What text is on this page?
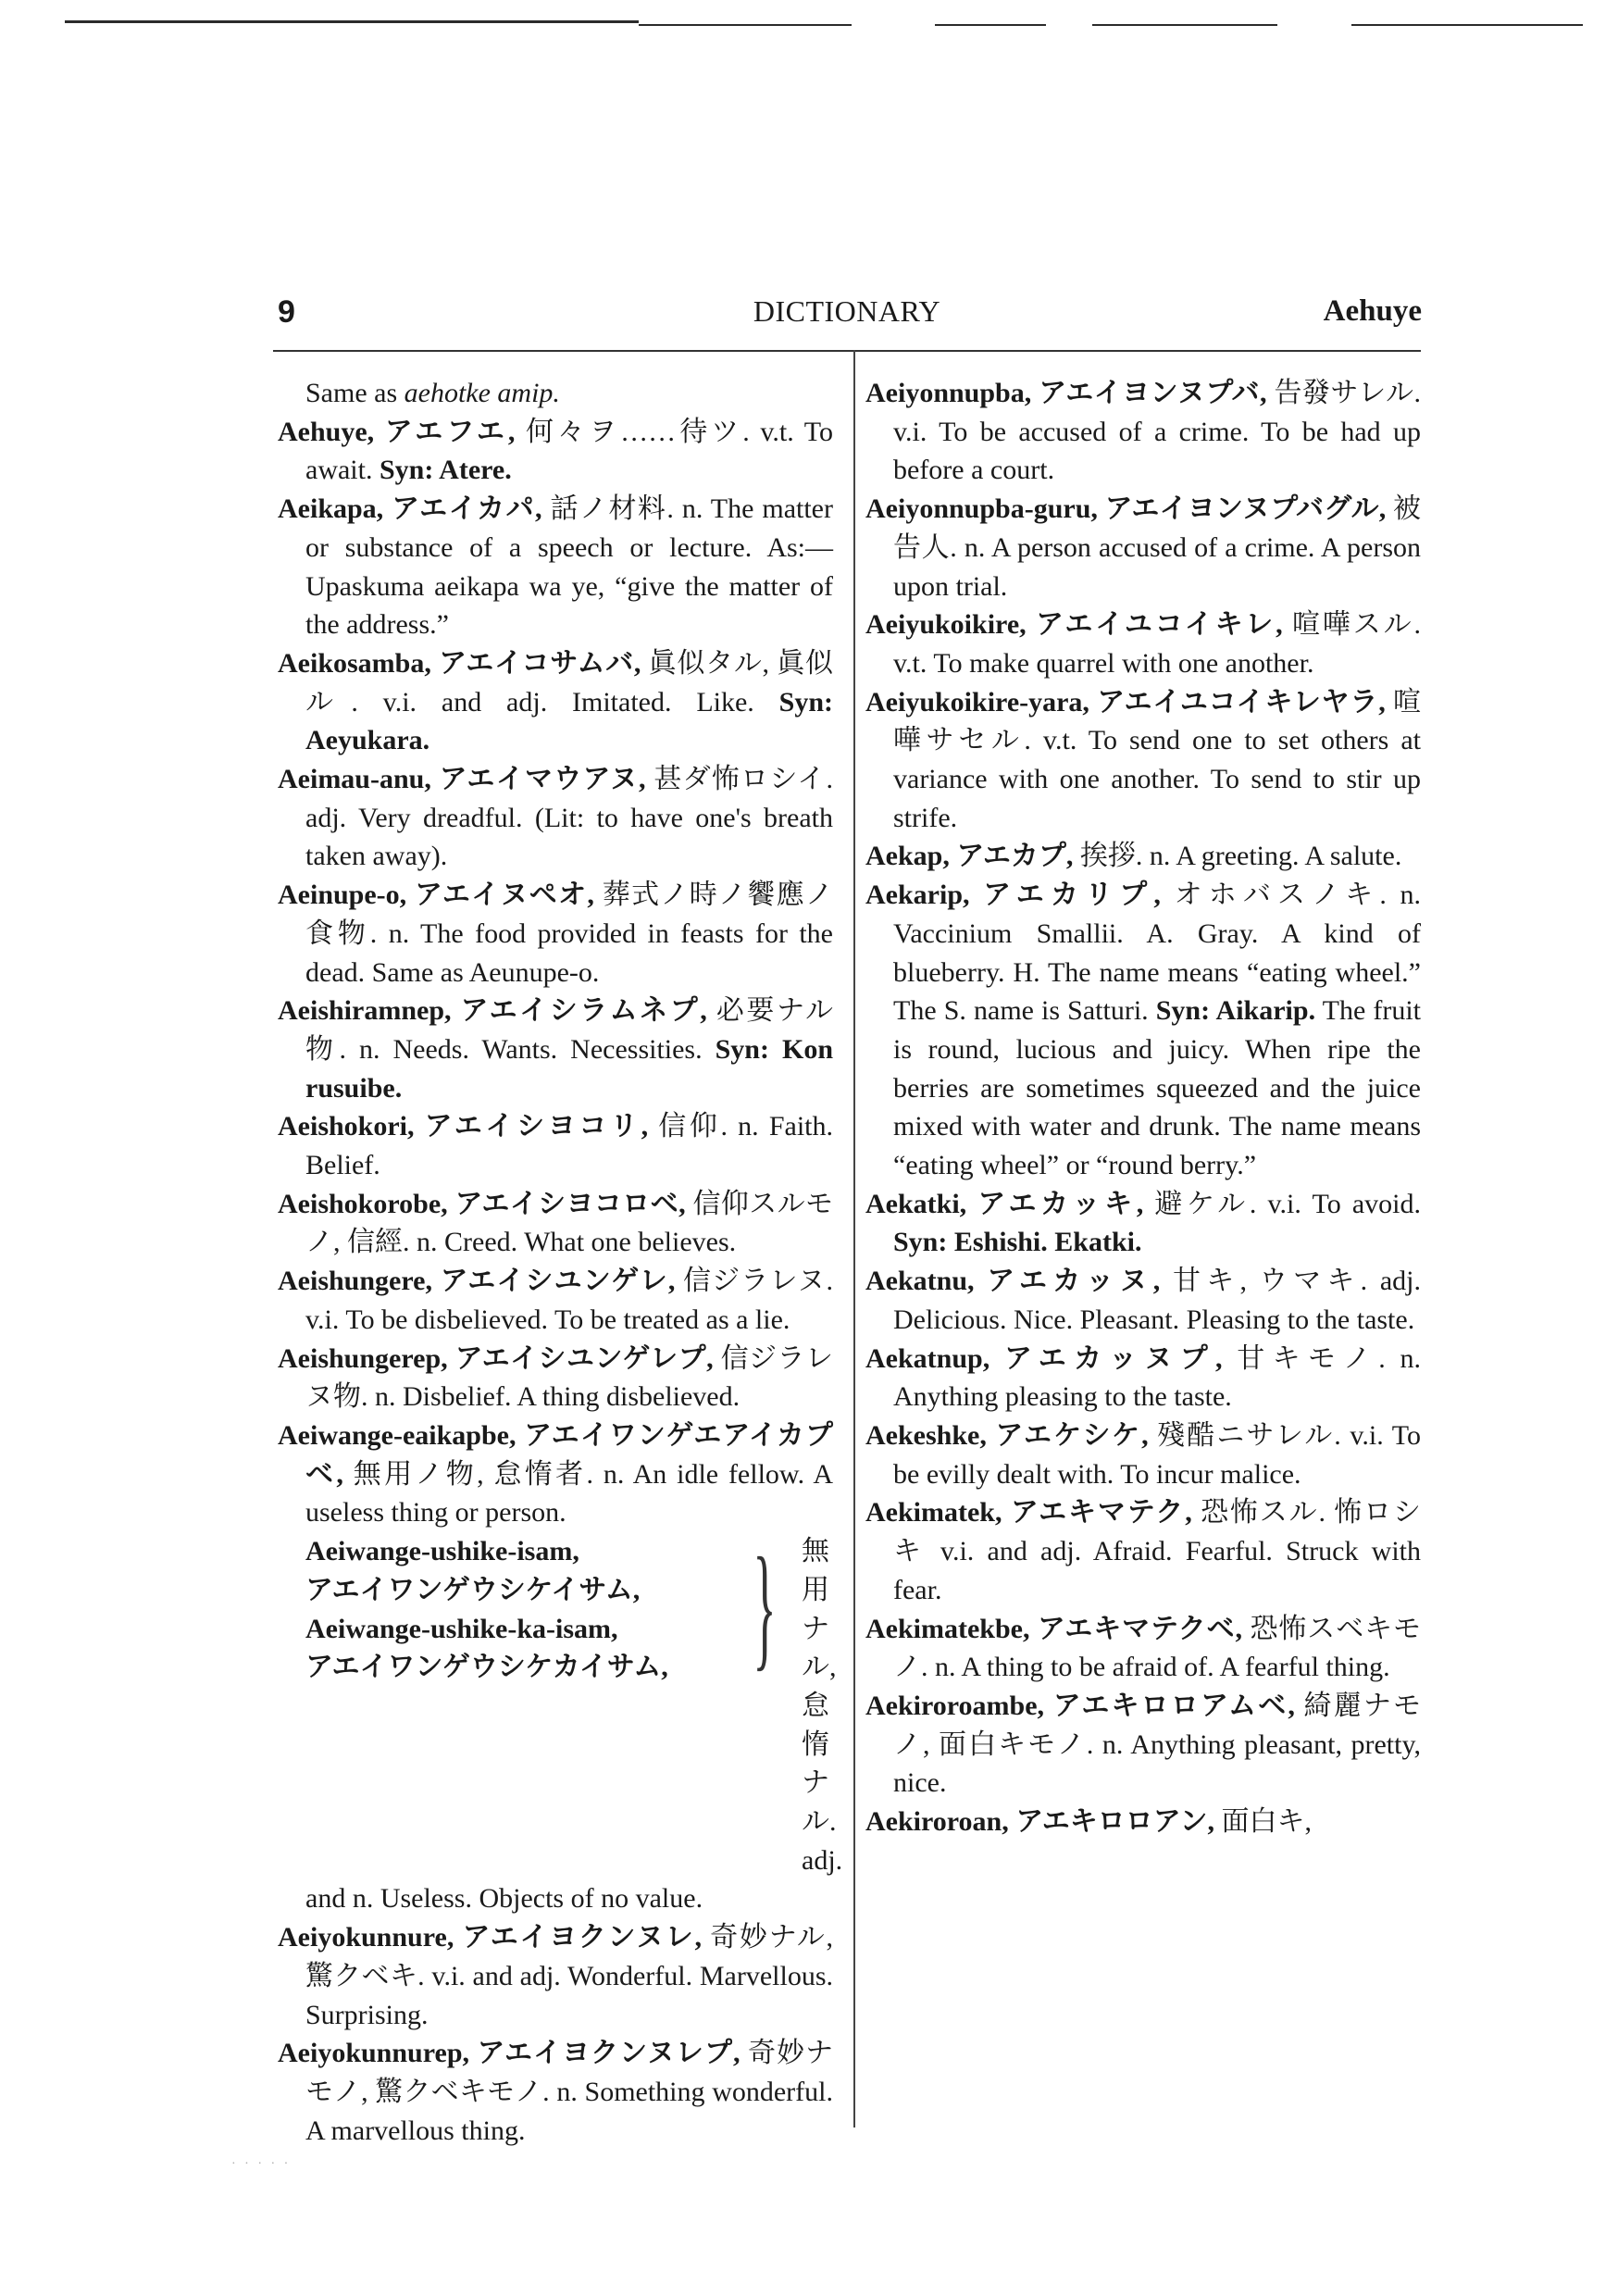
9	DICTIONARY	Aehuye

Same as aehotke amip.

Aehuye, アエフエ, 何々ヲ……待ツ. v.t. To await. Syn: Atere.

Aeikapa, アエイカパ, 話ノ材料. n. The matter or substance of a speech or lecture. As:—Upaskuma aeikapa wa ye, “give the matter of the address.”

Aeikosamba, アエイコサムバ, 眞似タル, 眞似ル. v.i. and adj. Imitated. Like. Syn: Aeyukara.

Aeimau-anu, アエイマウアヌ, 甚ダ怖ロシイ. adj. Very dreadful. (Lit: to have one's breath taken away).

Aeinupe-o, アエイヌペオ, 葬式ノ時ノ饗應ノ食物. n. The food provided in feasts for the dead. Same as Aeunupe-o.

Aeishiramnep, アエイシラムネプ, 必要ナル物. n. Needs. Wants. Necessities. Syn: Kon rusuibe.

Aeishokori, アエイシヨコリ, 信仰. n. Faith. Belief.

Aeishokorobe, アエイシヨコロベ, 信仰スルモノ, 信經. n. Creed. What one believes.

Aeishungere, アエイシユンゲレ, 信ジラレヌ. v.i. To be disbelieved. To be treated as a lie.

Aeishungerep, アエイシユンゲレプ, 信ジラレヌ物. n. Disbelief. A thing disbelieved.

Aeiwange-eaikapbe, アエイワンゲエアイカプベ, 無用ノ物, 怠惰者. n. An idle fellow. A useless thing or person.

Aeiwange-ushike-isam,
アエイワンゲウシケイサム,
Aeiwange-ushike-ka-isam,
アエイワンゲウシケカイサム, } 無用ナ
ル, 怠
惰ナル.
adj.

and n. Useless. Objects of no value.

Aeiyokunnure, アエイヨクンヌレ, 奇妙ナル, 驚クベキ. v.i. and adj. Wonderful. Marvellous. Surprising.

Aeiyokunnurep, アエイヨクンヌレプ, 奇妙ナモノ, 驚クベキモノ. n. Something wonderful. A marvellous thing.

Aeiyonnupba, アエイヨンヌプバ, 告發サレル. v.i. To be accused of a crime. To be had up before a court.

Aeiyonnupba-guru, アエイヨンヌプバグル, 被告人. n. A person accused of a crime. A person upon trial.

Aeiyukoikire, アエイユコイキレ, 喧嘩スル. v.t. To make quarrel with one another.

Aeiyukoikire-yara, アエイユコイキレヤラ, 喧嘩サセル. v.t. To send one to set others at variance with one another. To send to stir up strife.

Aekap, アエカプ, 挨拶. n. A greeting. A salute.

Aekarip, アエカリプ, オホバスノキ. n. Vaccinium Smallii. A. Gray. A kind of blueberry. H. The name means “eating wheel.” The S. name is Satturi. Syn: Aikarip. The fruit is round, lucious and juicy. When ripe the berries are sometimes squeezed and the juice mixed with water and drunk. The name means “eating wheel” or “round berry.”

Aekatki, アエカッキ, 避ケル. v.i. To avoid. Syn: Eshishi. Ekatki.

Aekatnu, アエカッヌ, 甘キ, ウマキ. adj. Delicious. Nice. Pleasant. Pleasing to the taste.

Aekatnup, アエカッヌプ, 甘キモノ. n. Anything pleasing to the taste.

Aekeshke, アエケシケ, 殘酷ニサレル. v.i. To be evilly dealt with. To incur malice.

Aekimatek, アエキマテク, 恐怖スル. 怖ロシキ v.i. and adj. Afraid. Fearful. Struck with fear.

Aekimatekbe, アエキマテクベ, 恐怖スベキモノ. n. A thing to be afraid of. A fearful thing.

Aekiroroambe, アエキロロアムベ, 綺麗ナモノ, 面白キモノ. n. Anything pleasant, pretty, nice.

Aekiroroan, アエキロロアン, 面白キ,

· · · · ·
